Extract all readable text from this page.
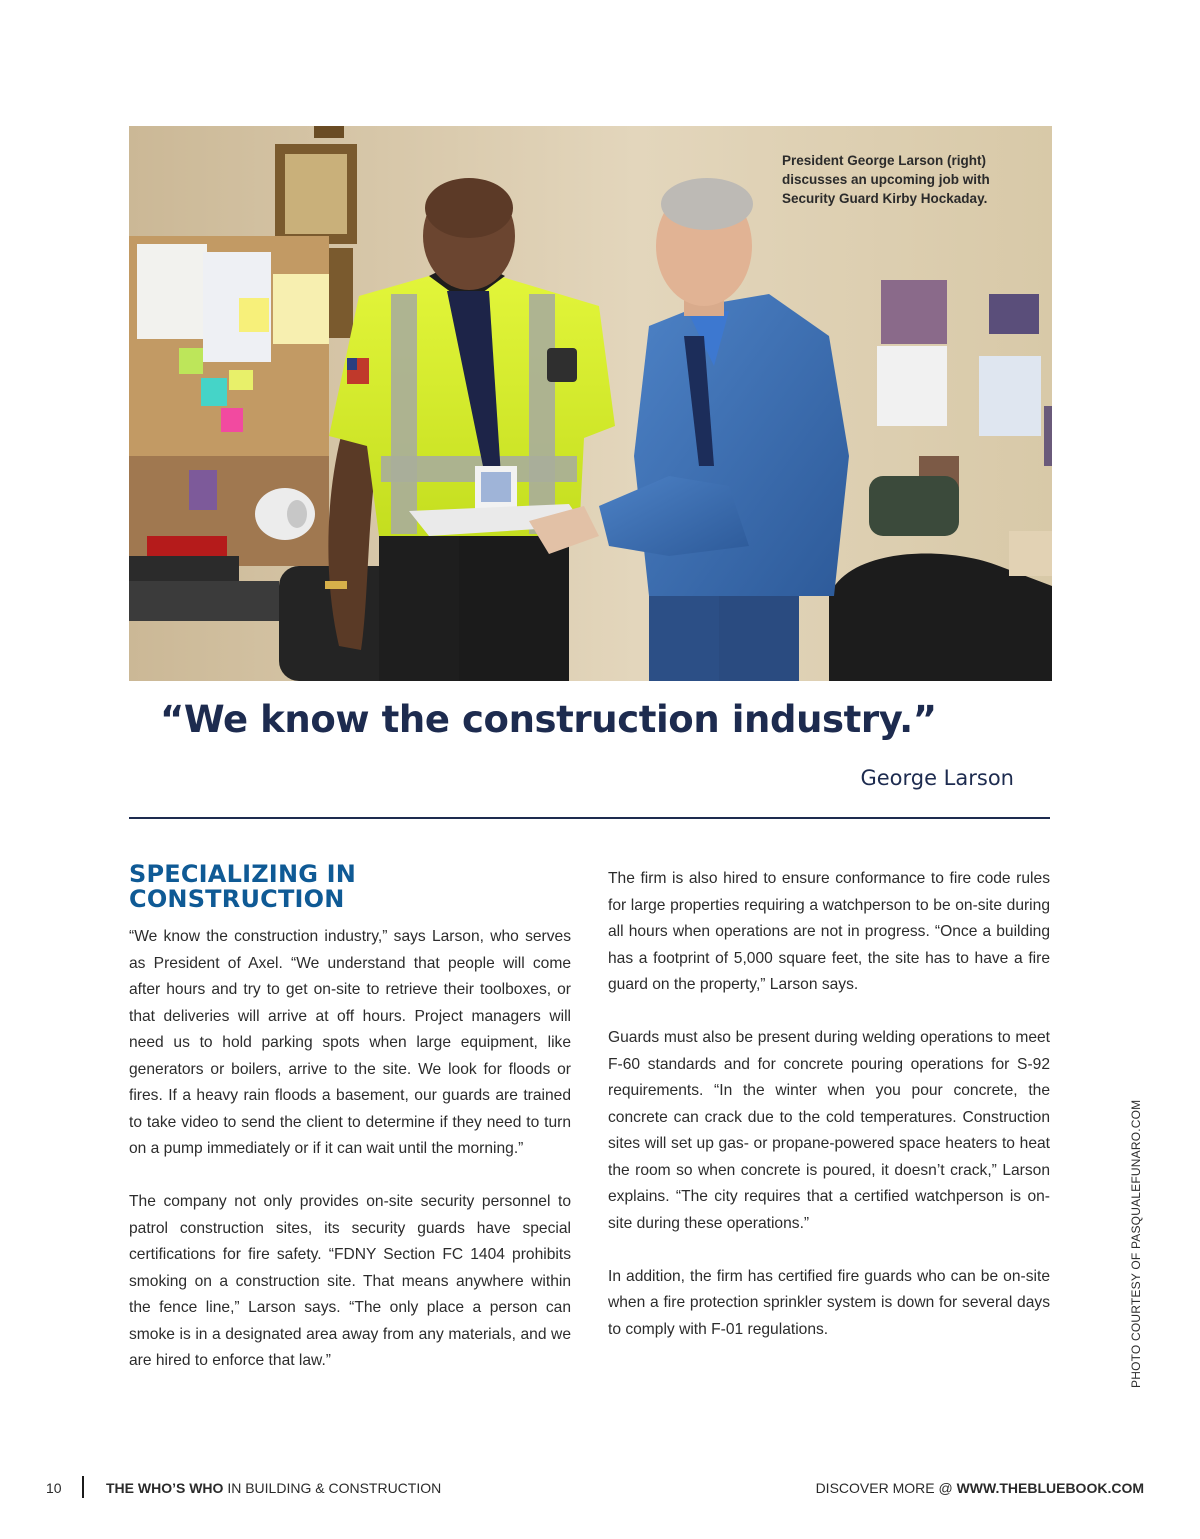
President George Larson (right) discusses an upcoming job with Security Guard Kirby Hockaday.
“We know the construction industry.”
George Larson
SPECIALIZING IN
CONSTRUCTION

“We know the construction industry,” says Larson, who serves as President of Axel. “We understand that people will come after hours and try to get on-site to retrieve their toolboxes, or that deliveries will arrive at off hours. Project managers will need us to hold parking spots when large equipment, like generators or boilers, arrive to the site. We look for floods or fires. If a heavy rain floods a basement, our guards are trained to take video to send the client to determine if they need to turn on a pump immediately or if it can wait until the morning.”

The company not only provides on-site security personnel to patrol construction sites, its security guards have special certifications for fire safety. “FDNY Section FC 1404 prohibits smoking on a construction site. That means anywhere within the fence line,” Larson says. “The only place a person can smoke is in a designated area away from any materials, and we are hired to enforce that law.”

The firm is also hired to ensure conformance to fire code rules for large properties requiring a watchperson to be on-site during all hours when operations are not in progress. “Once a building has a footprint of 5,000 square feet, the site has to have a fire guard on the property,” Larson says.

Guards must also be present during welding operations to meet F-60 standards and for concrete pouring operations for S-92 requirements. “In the winter when you pour concrete, the concrete can crack due to the cold temperatures. Construction sites will set up gas- or propane-powered space heaters to heat the room so when concrete is poured, it doesn’t crack,” Larson explains. “The city requires that a certified watchperson is on-site during these operations.”

In addition, the firm has certified fire guards who can be on-site when a fire protection sprinkler system is down for several days to comply with F-01 regulations.	PHOTO COURTESY OF PASQUALEFUNARO.COM
10	THE WHO’S WHO IN BUILDING & CONSTRUCTION	DISCOVER MORE @ WWW.THEBLUEBOOK.COM
